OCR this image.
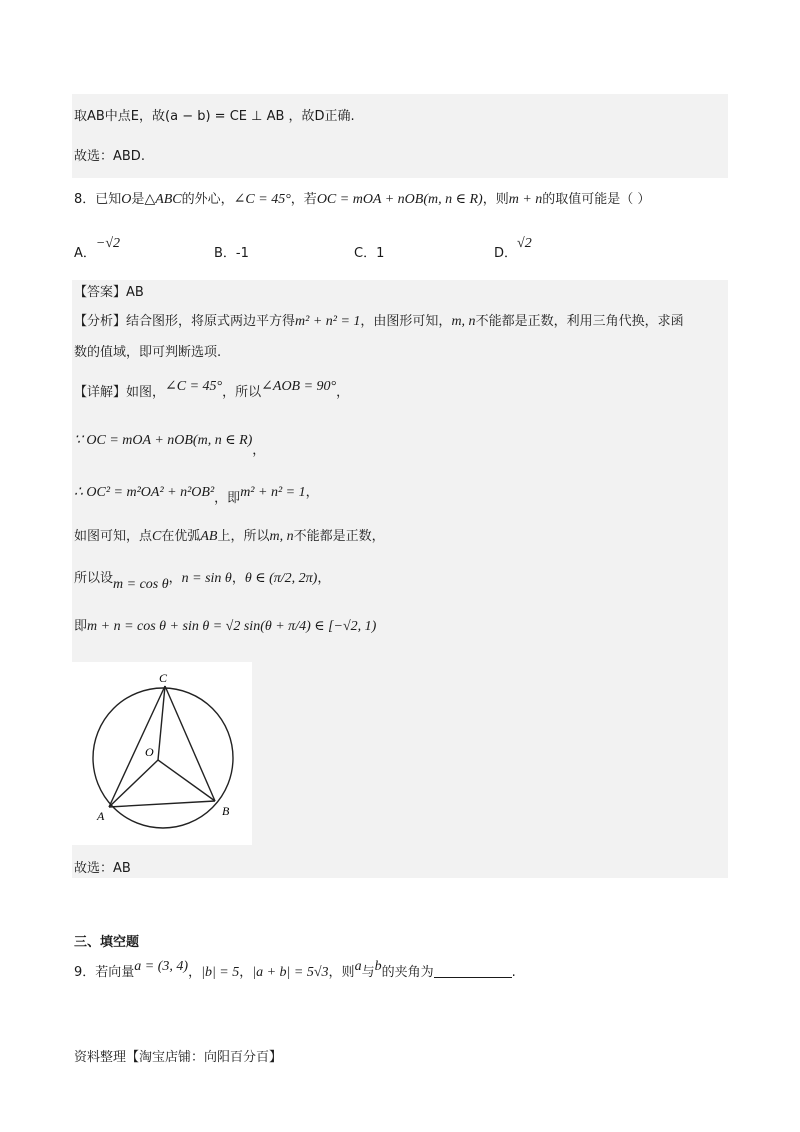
取AB中点E，故(a − b) = CE ⊥ AB ，故D正确.
故选：ABD.
8．已知O是△ABC的外心，∠C = 45°，若OC = mOA + nOB(m, n ∈ R)，则m + n的取值可能是（ ）
A．−√2
B．-1	C．1	D．√2
【答案】AB
【分析】结合图形，将原式两边平方得m² + n² = 1，由图形可知，m, n不能都是正数，利用三角代换，求函
数的值域，即可判断选项.
【详解】如图，∠C = 45°，所以∠AOB = 90°，
∵ OC = mOA + nOB(m, n ∈ R)，
∴ OC² = m²OA² + n²OB²，即m² + n² = 1，
如图可知，点C在优弧AB上，所以m, n不能都是正数，
所以设m = cos θ，n = sin θ，θ ∈ (π/2, 2π)，
即m + n = cos θ + sin θ = √2 sin(θ + π/4) ∈ [−√2, 1)
C
O
A	B
故选：AB
三、填空题
9．若向量a = (3, 4)，|b| = 5，|a + b| = 5√3，则a与b的夹角为	.
资料整理【淘宝店铺：向阳百分百】
